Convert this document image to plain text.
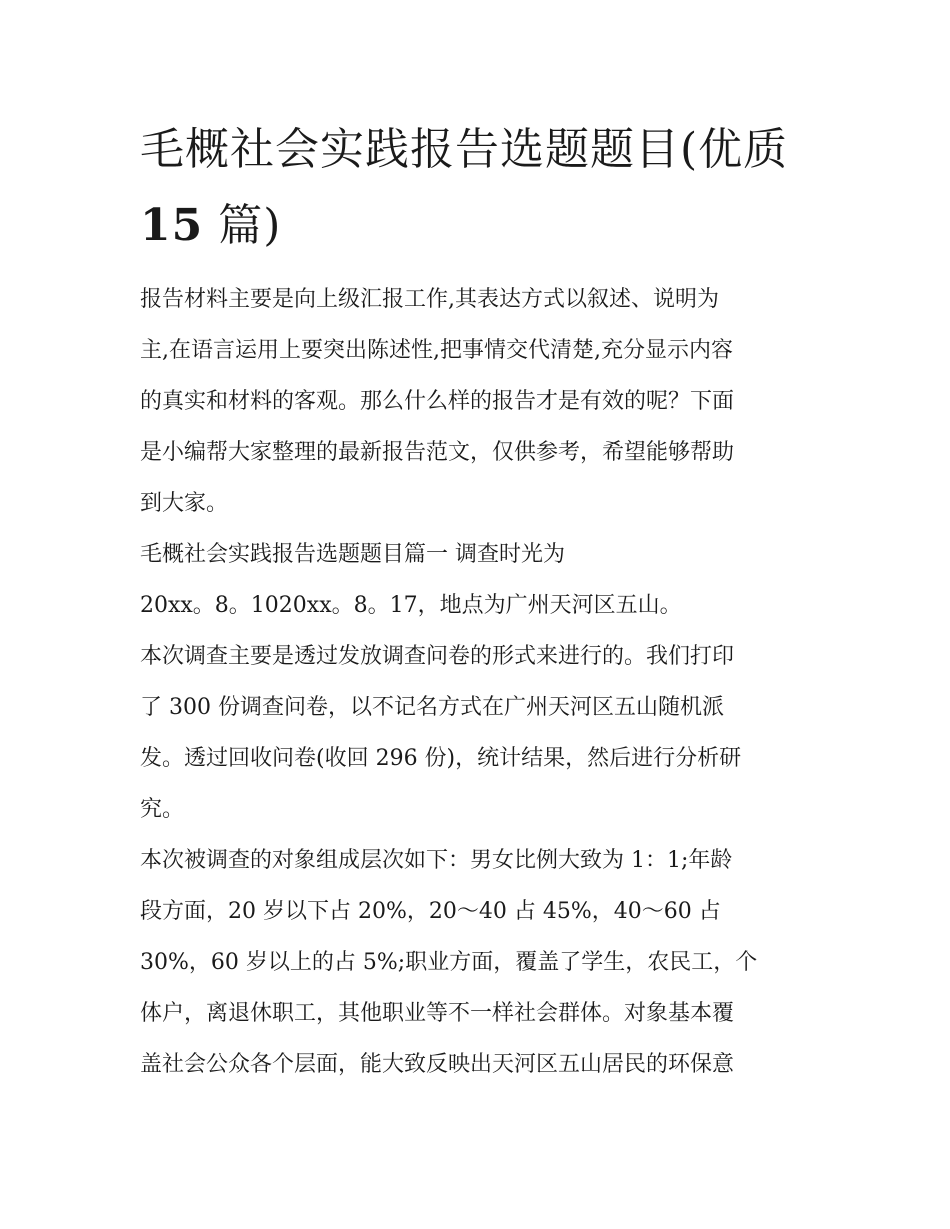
毛概社会实践报告选题题目(优质 15 篇)
报告材料主要是向上级汇报工作,其表达方式以叙述、说明为
主,在语言运用上要突出陈述性,把事情交代清楚,充分显示内容
的真实和材料的客观。那么什么样的报告才是有效的呢？下面
是小编帮大家整理的最新报告范文，仅供参考，希望能够帮助
到大家。
毛概社会实践报告选题题目篇一 调查时光为
20xx。8。1020xx。8。17，地点为广州天河区五山。
本次调查主要是透过发放调查问卷的形式来进行的。我们打印
了 300 份调查问卷，以不记名方式在广州天河区五山随机派
发。透过回收问卷(收回 296 份)，统计结果，然后进行分析研
究。
本次被调查的对象组成层次如下：男女比例大致为 1：1;年龄
段方面，20 岁以下占 20%，20～40 占 45%，40～60 占
30%，60 岁以上的占 5%;职业方面，覆盖了学生，农民工，个
体户，离退休职工，其他职业等不一样社会群体。对象基本覆
盖社会公众各个层面，能大致反映出天河区五山居民的环保意
